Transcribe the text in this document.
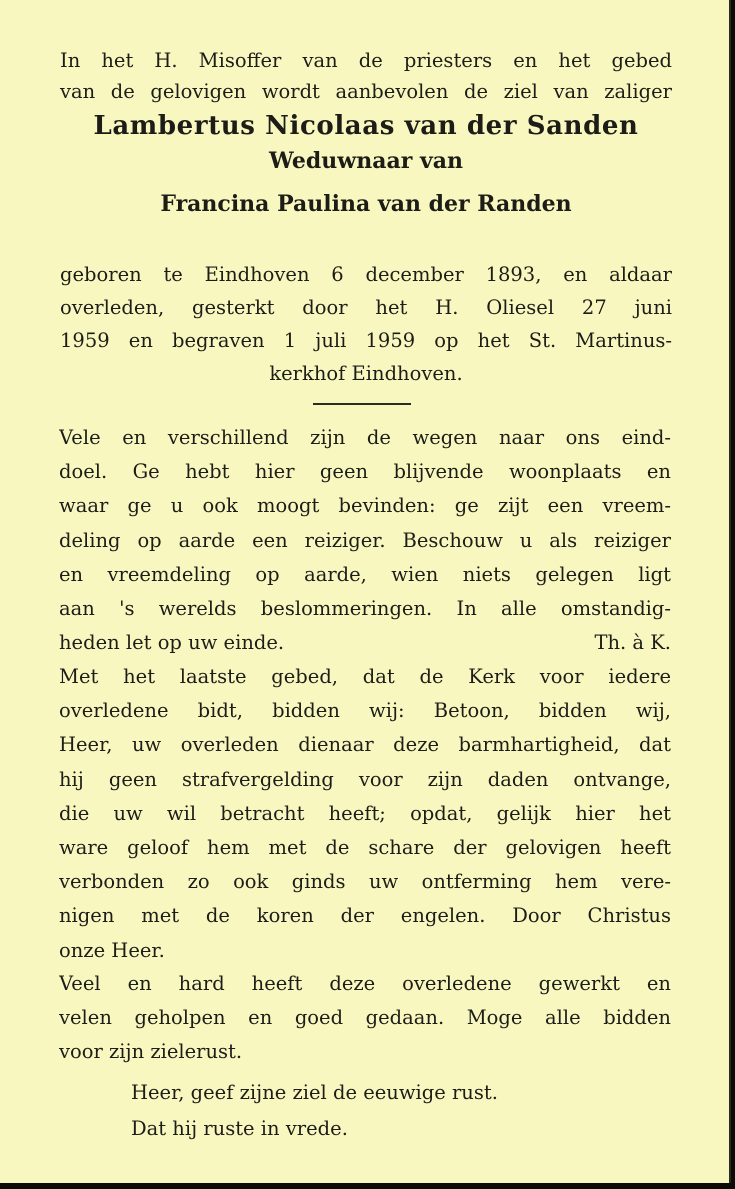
In het H. Misoffer van de priesters en het gebed
van de gelovigen wordt aanbevolen de ziel van zaliger
Lambertus Nicolaas van der Sanden
Weduwnaar van
Francina Paulina van der Randen
geboren te Eindhoven 6 december 1893, en aldaar
overleden, gesterkt door het H. Oliesel 27 juni
1959 en begraven 1 juli 1959 op het St. Martinus-
kerkhof Eindhoven.
Vele en verschillend zijn de wegen naar ons eind-
doel. Ge hebt hier geen blijvende woonplaats en
waar ge u ook moogt bevinden: ge zijt een vreem-
deling op aarde een reiziger. Beschouw u als reiziger
en vreemdeling op aarde, wien niets gelegen ligt
aan 's werelds beslommeringen. In alle omstandig-
heden let op uw einde.	Th. à K.
Met het laatste gebed, dat de Kerk voor iedere
overledene bidt, bidden wij: Betoon, bidden wij,
Heer, uw overleden dienaar deze barmhartigheid, dat
hij geen strafvergelding voor zijn daden ontvange,
die uw wil betracht heeft; opdat, gelijk hier het
ware geloof hem met de schare der gelovigen heeft
verbonden zo ook ginds uw ontferming hem vere-
nigen met de koren der engelen. Door Christus
onze Heer.
Veel en hard heeft deze overledene gewerkt en
velen geholpen en goed gedaan. Moge alle bidden
voor zijn zielerust.
Heer, geef zijne ziel de eeuwige rust.
Dat hij ruste in vrede.
